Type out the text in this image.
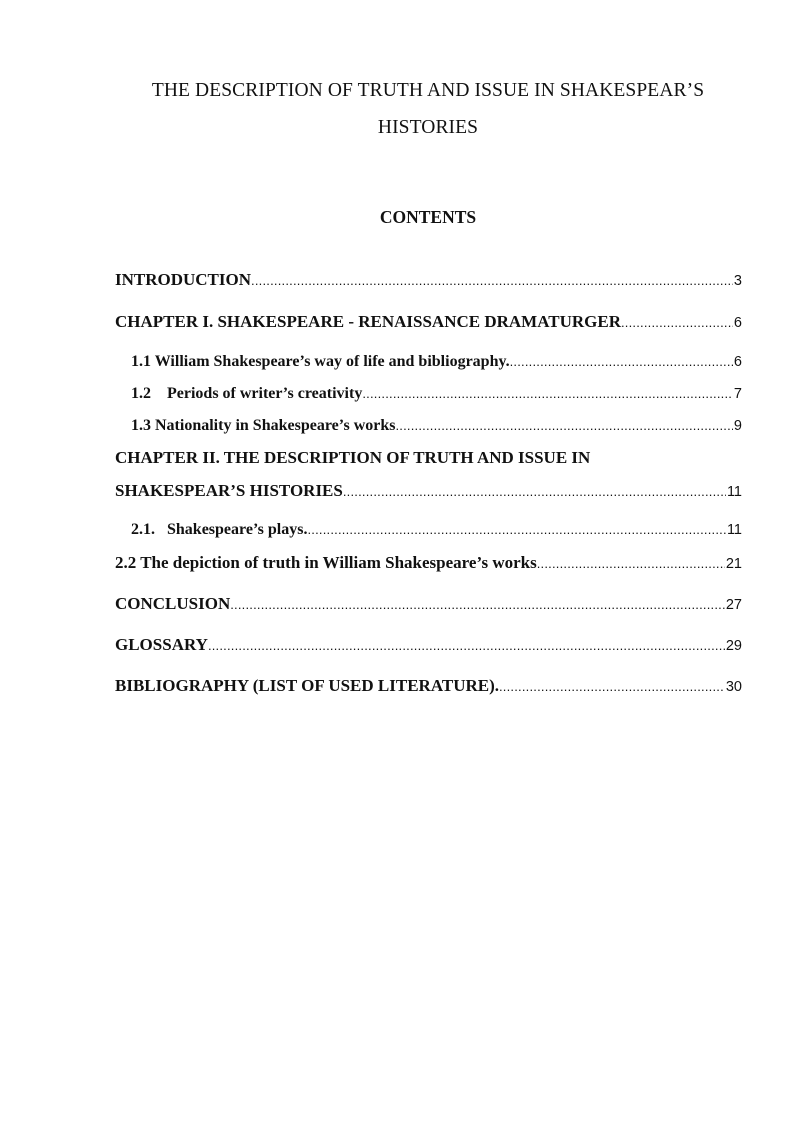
THE DESCRIPTION OF TRUTH AND ISSUE IN SHAKESPEAR’S
HISTORIES
CONTENTS
INTRODUCTION .....	3
CHAPTER I. SHAKESPEARE - RENAISSANCE DRAMATURGER .....	6
1.1 William Shakespeare’s way of life and bibliography. .....	6
1.2    Periods of writer’s creativity .....	7
1.3 Nationality in Shakespeare’s works .....	9
CHAPTER II. THE DESCRIPTION OF TRUTH AND ISSUE IN
SHAKESPEAR’S HISTORIES .....	11
2.1.   Shakespeare’s plays. .....	11
2.2 The depiction of truth in William Shakespeare’s works .....	21
CONCLUSION .....	27
GLOSSARY .....	29
BIBLIOGRAPHY (LIST OF USED LITERATURE). .....	30
